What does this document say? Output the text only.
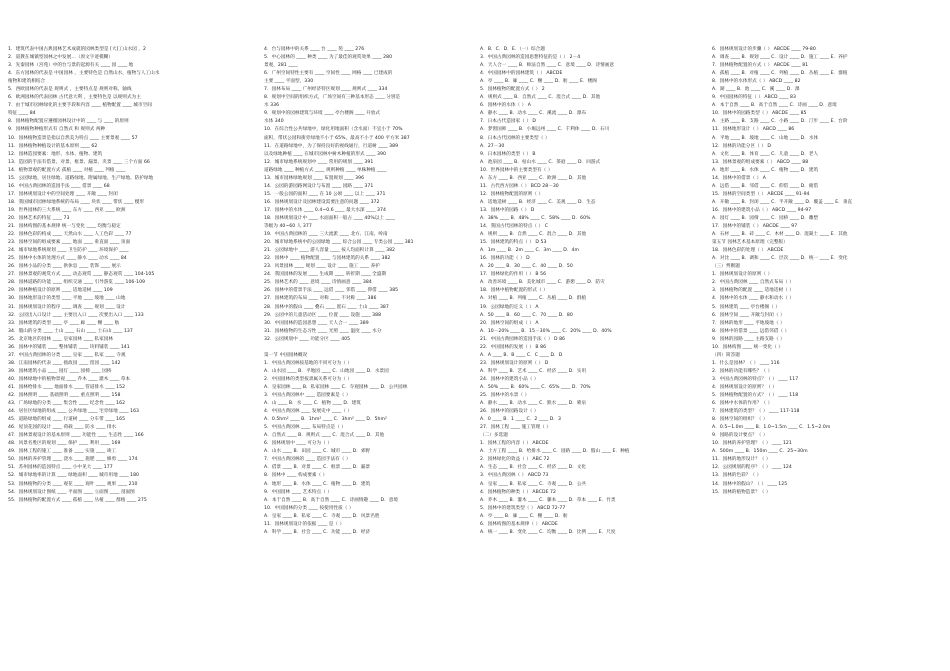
1．建筑代表中国古典园林艺术成就的园林类型是 [大]工山水园 ，2
2．道教在城镇型园林之中发展...（原文字迹模糊）
3．先秦园林（宫苑）中的台与景的起源有关 ____ 园 ____ 地
4．东方园林的代表是 中国园林 ，主要特色是 自然山水，植物与人工山水
植物和建筑相结合
5．西欧园林的代表是 规则式 ，主要特点是 规则对称、轴线
6．欧洲园林的代表园林 古代意大利 ，主要特色是 以规则式为主
7．由于城市园林绿化的主要手段和内容 ____ 植物配置 ____ 城市空间
特征 ____ 84
8．园林植物配置应遵循园林设计中的 ____ 与 ____ 的原则
9．园林植物种植形式有 自然式 和 规则式 两种
10．园林植物造景是指以自然美为特点 ____ 主要景观 ____ 57
11．园林植物种植设计的基本原则 ____ 62
12．园林造园要素：地形、水体、植物、建筑
13．造园的手法有借景、对景、框景、漏景、夹景 ____ 三个方面 66
14．植物景观的配置方式 孤植 ____ 对植 ____ 列植 ____
15．公园绿地、居住绿地、道路绿地、附属绿地、生产绿地、防护绿地
16．中国古典园林的造园手法 ____ 借景 ____ 68
17．园林规划设计中的空间处理 ____ 开敞 ____ 封闭
18．我国城市园林绿地系统的布局 ____ 块状 ____ 带状 ____ 楔形
19．世界园林的三大系统 ____ 东方 ____ 西亚 ____ 欧洲
20．园林艺术的特征 ____ 73
21．园林构图的基本规律 统一与变化 ____ 均衡与稳定
22．园林色彩的构成 ____ 天然山水 ____ 人工色彩 ____ 77
23．园林空间的组成要素 ____ 地面 ____ 垂直面 ____ 顶面
24．城市绿地系统规划 ____ 卫生防护 ____ 环境保护 ____
25．园林中水体的处理方式 ____ 静水 ____ 动水 ____ 84
26．园林小品的分类 ____ 供休息 ____ 装饰 ____ 展示
27．园林景观的观赏方式 ____ 动态观赏 ____ 静态观赏 ____ 104-105
28．园林道路的功能 ____ 组织交通 ____ 引导游览 ____ 106-109
29．园林种植设计的原则 ____ 适地适树 ____ 109
30．园林地形设计的类型 ____ 平地 ____ 坡地 ____ 山地
31．园林规划设计的程序 ____ 调查 ____ 规划 ____ 设计
32．公园出入口设计 ____ 主要出入口 ____ 次要出入口 ____ 133
33．园林建筑的类型 ____ 亭 ____ 廊 ____ 榭 ____ 舫
34．假山的分类 ____ 土山 ____ 石山 ____ 土石山 ____ 137
35．北京地区的园林 ____ 皇家园林 ____ 私家园林
36．园林中的铺装 ____ 整体铺装 ____ 块料铺装 ____ 141
37．中国古典园林的分类 ____ 皇家 ____ 私家 ____ 寺观
38．江南园林的代表 ____ 拙政园 ____ 留园 ____ 142
39．园林建筑小品 ____ 园灯 ____ 园椅 ____ 园桥
40．园林绿地中的植物景观 ____ 乔木 ____ 灌木 ____ 草本
41．园林给排水 ____ 地面排水 ____ 管道排水 ____ 152
42．园林照明 ____ 基础照明 ____ 重点照明 ____ 158
43．广场绿地的分类 ____ 集会性 ____ 纪念性 ____ 162
44．居住区绿地的组成 ____ 公共绿地 ____ 宅旁绿地 ____ 163
45．道路绿地的组成 ____ 行道树 ____ 分车带 ____ 165
46．屋顶花园的设计 ____ 荷载 ____ 防水 ____ 排水
47．园林景观设计的基本原则 ____ 功能性 ____ 生态性 ____ 166
48．风景名胜区的规划 ____ 保护 ____ 利用 ____ 169
49．园林工程的施工 ____ 准备 ____ 实施 ____ 竣工
50．园林的养护管理 ____ 浇水 ____ 施肥 ____ 修剪 ____ 174
51．苏州园林的造园特点 ____ 小中见大 ____ 177
52．城市绿地率的计算 ____ 绿地面积 ____ 城市用地 ____ 180
53．园林植物的分类 ____ 观花 ____ 观叶 ____ 观果 ____ 210
54．园林规划设计图纸 ____ 平面图 ____ 立面图 ____ 剖面图
55．园林植物的配置方式 ____ 孤植 ____ 丛植 ____ 群植 ____ 275
4．台与园林中的关系 ____ 台 ____ 苑 ____ 276
5．中心园林的 ____ 种类 ____ 为了最佳的观赏效果 ____ 280
景观，281 ____
6．广州空间特性主要有 ____ 空间性 ____ 网格 ____ 已建成的
主要 ____ 平面型，330
7．园林布局 ____ 广州经济特区规划 ____ 规则式 ____ 334
8．规划中空间的组织方式，广场空间有三种基本形态 ____ 分别是
水 336
9．规划中的园林建筑与环境 ____ 亭台楼阁 ____ 开放式
水体 340
10．在综合性公共绿地中，绿化用地面积（含水面）不宜小于 70%
面积，带状公园和街旁绿地不小于 65%，最高不小于 400 平方米 387
11．在道路绿地中，为了保持良好的视线通行，行道树 ____ 389
以及绿地种植 ____ 在城市园林中树木种植的形式 ____ 390
12．城市绿地系统规划中 ____ 常用的规划 ____ 391
道路绿地 ____ 种植方式 ____ 规则种植 ____ 单株种植 ____
13．城市园林绿地规划 ____ 布置规划 ____ 396
14．公园的游园路网设计与布置 ____ 园路 ____ 371
15．一般公园的面积 ____ 在 10 公顷 ____ 以上 ____ 371
16．园林规划设计及园林建设需要注意的问题 ____ 372
17．园林中的水体 ____ 0.4~0.6 ____ 最大水深 ____ 374
18．园林规划设计中 ____ 水面面积一般占 ____ 40%以上 ____
等级为 40~60 人 377
19．中国古典园林的 ____ 三大流派 ____ 北方、江南、岭南
20．城市绿地系统中的公园绿地 ____ 综合公园 ____ 专类公园 ____ 381
21．公园绿地中 ____ 游人容量 ____ 按人均面积计算 ____ 382
22．园林中 ____ 植物配置 ____ 与园林建筑的关系 ____ 382
23．风景园林 ____ 规划 ____ 设计 ____ 施工 ____ 养护
24．我国园林的发展 ____ 生成期 ____ 转折期 ____ 全盛期
25．园林艺术的 ____ 意境 ____ 诗情画意 ____ 384
26．园林中的借景手法 ____ 远借 ____ 邻借 ____ 仰借 ____ 385
27．园林建筑的布局 ____ 对称 ____ 不对称 ____ 386
28．园林中的假山 ____ 叠石 ____ 置石 ____ 土山 ____ 387
29．公园中的儿童活动区 ____ 位置 ____ 设施 ____ 388
30．中国园林的造园思想 ____ 天人合一 ____ 389
31．园林植物的生态习性 ____ 光照 ____ 温度 ____ 水分
32．公园规划中 ____ 功能分区 ____ 405
第一节 中国园林概况
1．中国古典园林按基地的不同可分为（ ）
A．山水园 ____ B．平地园 ____ C．山地园 ____ D．水景园
2．中国园林的类型按隶属关系可分为（ ）
A．皇家园林 ____ B．私家园林 ____ C．寺观园林 ____ D．公共园林
3．中国古典园林中 ____ 造园要素是（ ）
A．山 ____ B．水 ____ C．植物 ____ D．建筑
4．中国古典园林 ____ 发展史中 ____（ ）
A．0.5hm² ____ B．1hm² ____ C．3hm² ____ D．5hm²
5．中国古典园林 ____ 布局特点是（ ）
A．自然式 ____ B．规则式 ____ C．混合式 ____ D．其他
6．园林规划中 ____ 可分为（ ）
A．山水 ____ B．田园 ____ C．城市 ____ D．郊野
7．中国古典园林的 ____ 造园手法有（ ）
A．借景 ____ B．对景 ____ C．框景 ____ D．漏景
8．园林中 ____ 构成要素（ ）
A．地形 ____ B．水体 ____ C．植物 ____ D．建筑
9．中国园林 ____ 艺术特点（ ）
A．本于自然 ____ B．高于自然 ____ C．诗画情趣 ____ D．意境
10．中国园林的分类 ____ 按使用性质（ ）
A．皇家 ____ B．私家 ____ C．寺观 ____ D．风景名胜
11．园林规划设计的依据 ____ 是（ ）
A．科学 ____ B．社会 ____ C．功能 ____ D．经济
A．B．C．D．E．（一）综合题
3．中国古典园林的造园思想特征的是（ ） 2－4
A．天人合一 ____ B．师法自然 ____ C．意境 ____ D．诗情画意
4．中国园林中的园林建筑（ ） ABCDE
A．亭 ____ B．廊 ____ C．榭 ____ D．舫 ____ E．楼阁
5．园林植物的配置方式（ ） 2
A．规则式 ____ B．自然式 ____ C．混合式 ____ D．其他
6．园林中的水体（ ） A
A．静水 ____ B．动水 ____ C．溪流 ____ D．瀑布
7．日本古代造园家（ ） D
A．梦窗国师 ____ B．小堀远州 ____ C．千利休 ____ D．石川
8．日本古代园林的主要类型（ ）
A．27－30
9．日本园林的类型（ ） B
A．池泉园 ____ B．枯山水 ____ C．茶庭 ____ D．回游式
10．世界园林中的主要类型有（ ）
A．东方 ____ B．西亚 ____ C．欧洲 ____ D．其他
11．古代西方园林（ ） BCD 28－30
12．园林植物配置的原则（ ）
A．适地适树 ____ B．经济 ____ C．美观 ____ D．生态
13．园林中的园路（ ） D
A．38% ____ B．48% ____ C．58% ____ D．60%
14．我国古代园林的特点（ ） C
A．规则 ____ B．自然 ____ C．混合 ____ D．其他
15．园林建筑的特点（ ） D 53
A．1m ____ B．2m ____ C．3m ____ D．4m
16．园林的功能（ ） D
A．20 ____ B．30 ____ C．40 ____ D．50
17．园林绿化的作用（ ） B 56
A．改善环境 ____ B．美化城市 ____ C．游憩 ____ D．防灾
18．园林中植物配置的形式（ ）
A．对植 ____ B．列植 ____ C．丛植 ____ D．群植
19．公园绿地的定义（ ） A
A．50 ____ B．60 ____ C．70 ____ D．80
20．园林空间的组成（ ） A
A．10－20% ____ B．15－30% ____ C．20% ____ D．40%
21．中国古典园林的造园手法（ ） D 86
22．中国园林的发展（ ） B 86
A．A ____ B．B ____ C．C ____ D．D
23．园林规划设计的原则（ ） D
A．科学 ____ B．艺术 ____ C．经济 ____ D．实用
24．园林中的建筑小品（ ）
A．50% ____ B．60% ____ C．65% ____ D．70%
25．园林中的水景（ ）
A．静水 ____ B．动水 ____ C．跌水 ____ D．喷泉
26．园林中的园路设计（ ）
A．0 ____ B．1 ____ C．2 ____ D．3
27．园林工程 ____ 施工管理（ ）
（二）多选题
1．园林工程的内容（ ） ABCDE
A．土方工程 ____ B．给排水 ____ C．园路 ____ D．假山 ____ E．种植
2．园林绿化的效益（ ） ABC 72
A．生态 ____ B．社会 ____ C．经济 ____ D．文化
3．中国古典园林（ ） ABCD 73
A．皇家 ____ B．私家 ____ C．寺观 ____ D．公共
4．园林植物的种类（ ） ABCDE 72
A．乔木 ____ B．灌木 ____ C．藤本 ____ D．草本 ____ E．竹类
5．园林中的建筑类型（ ） ABCD 72-77
A．亭 ____ B．廊 ____ C．榭 ____ D．舫
6．园林构图的基本规律（ ） ABCDE
A．统一 ____ B．变化 ____ C．均衡 ____ D．比例 ____ E．尺度
6．园林规划设计的步骤（ ） ABCDE ____ 79-80
A．调查 ____ B．规划 ____ C．设计 ____ D．施工 ____ E．养护
7．园林植物配置的方式（ ） ABCDE ____ 81
A．孤植 ____ B．对植 ____ C．列植 ____ D．丛植 ____ E．群植
8．园林中的水体形式（ ） ABCD ____ 82
A．湖 ____ B．池 ____ C．溪 ____ D．瀑
9．中国园林的特征（ ） ABCD ____ 83
A．本于自然 ____ B．高于自然 ____ C．诗画 ____ D．意境
10．园林中的园路类型（ ） ABCDE ____ 85
A．主路 ____ B．支路 ____ C．小路 ____ D．汀步 ____ E．台阶
11．园林地形设计（ ） ABCD ____ 86
A．平地 ____ B．坡地 ____ C．山地 ____ D．水体
12．园林的功能分区（ ） D
A．文化 ____ B．体育 ____ C．儿童 ____ D．老人
13．园林景观的组成要素（ ） ABCD ____ 88
A．地形 ____ B．水体 ____ C．植物 ____ D．建筑
14．园林中的借景（ ） A
A．远借 ____ B．邻借 ____ C．仰借 ____ D．俯借
15．园林的空间类型（ ） ABCDE ____ 91-94
A．开敞 ____ B．封闭 ____ C．半开敞 ____ D．覆盖 ____ E．垂直
16．园林中的建筑小品（ ） ABCD ____ 94-97
A．园灯 ____ B．园椅 ____ C．园桥 ____ D．雕塑
17．园林中的铺装（ ） ABCDE ____ 97
A．石材 ____ B．砖 ____ C．木材 ____ D．混凝土 ____ E．其他
第五节 园林艺术基本原理（完整版）
18．园林色彩的处理（ ） ABCDE
A．对比 ____ B．调和 ____ C．层次 ____ D．统一 ____ E．变化
（三）判断题
1．园林规划设计的原则（ ）
2．中国古典园林 ____ 自然式布局（ ）
3．园林植物的配置 ____ 适地适树（ ）
4．园林中的水体 ____ 静水和动水（ ）
5．园林建筑 ____ 亭台楼阁（ ）
6．园林空间 ____ 开敞与封闭（ ）
7．园林的地形 ____ 平地坡地（ ）
8．园林中的借景 ____ 远借邻借（ ）
9．园林的园路 ____ 主路支路（ ）
10．园林构图 ____ 统一变化（ ）
（四）简答题
1．什么是园林？（ ） ____ 116
2．园林的功能有哪些？（ ）
3．中国古典园林的特点？（ ） ____ 117
4．园林规划设计的原则？（ ）
5．园林植物配置的方式？（ ） ____ 118
6．园林中水体的作用？（ ）
7．园林建筑的类型？（ ） ____ 117-118
8．园林空间的组织？（ ）
A．0.5~1.0m ____ B．1.0~1.5m ____ C．1.5~2.0m
9．园路的设计要点？（ ）
10．园林的养护管理？（ ） ____ 121
A．500m ____ B．150m ____ C．25~30m
11．园林的地形设计？（ ）
12．公园规划的程序？（ ） ____ 124
13．园林的色彩？（ ）
14．园林中的假山？（ ） ____ 125
15．园林的植物造景？（ ）
